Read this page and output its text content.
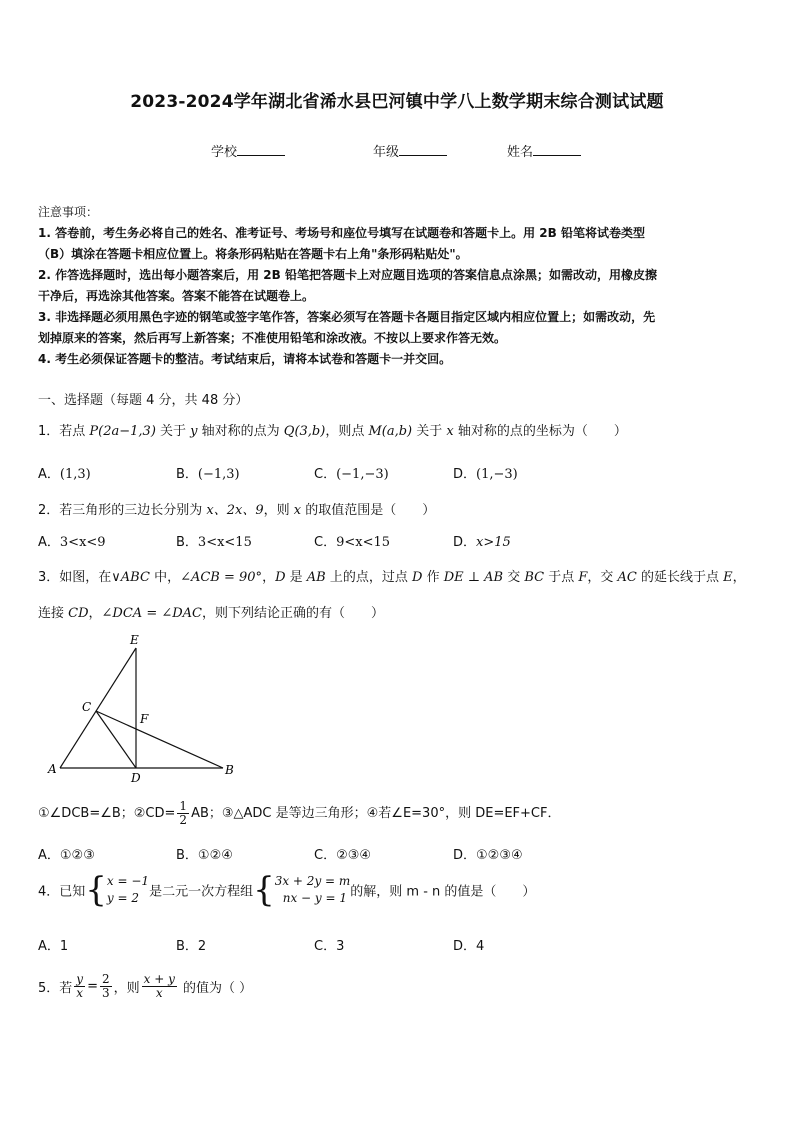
2023-2024学年湖北省浠水县巴河镇中学八上数学期末综合测试试题
学校	年级	姓名
注意事项：
1. 答卷前，考生务必将自己的姓名、准考证号、考场号和座位号填写在试题卷和答题卡上。用 2B 铅笔将试卷类型
（B）填涂在答题卡相应位置上。将条形码粘贴在答题卡右上角"条形码粘贴处"。
2. 作答选择题时，选出每小题答案后，用 2B 铅笔把答题卡上对应题目选项的答案信息点涂黑；如需改动，用橡皮擦
干净后，再选涂其他答案。答案不能答在试题卷上。
3. 非选择题必须用黑色字迹的钢笔或签字笔作答，答案必须写在答题卡各题目指定区域内相应位置上；如需改动，先
划掉原来的答案，然后再写上新答案；不准使用铅笔和涂改液。不按以上要求作答无效。
4. 考生必须保证答题卡的整洁。考试结束后，请将本试卷和答题卡一并交回。
一、选择题（每题 4 分，共 48 分）
1．若点 P(2a−1,3) 关于 y 轴对称的点为 Q(3,b)，则点 M(a,b) 关于 x 轴对称的点的坐标为（　　）
A．(1,3)	B．(−1,3)	C．(−1,−3)	D．(1,−3)
2．若三角形的三边长分别为 x、2x、9，则 x 的取值范围是（　　）
A．3<x<9	B．3<x<15	C．9<x<15	D．x>15
3．如图，在∨ABC 中，∠ACB = 90°，D 是 AB 上的点，过点 D 作 DE ⊥ AB 交 BC 于点 F，交 AC 的延长线于点 E，
连接 CD，∠DCA = ∠DAC，则下列结论正确的有（　　）
E
C
F
A
D
B
①∠DCB=∠B；②CD= $\frac{1}{2}$ AB；③△ADC 是等边三角形；④若∠E=30°，则 DE=EF+CF．
A．①②③	B．①②④	C．②③④	D．①②③④
4．已知{ x = −1
y = 2 是二元一次方程组{ 3x + 2y = m
nx − y = 1 的解，则 m - n 的值是（　　）
A．1	B．2	C．3	D．4
5．若 $\frac{y}{x} = \frac{2}{3}$ ，则 $\frac{x + y}{x}$ 的值为（ ）
